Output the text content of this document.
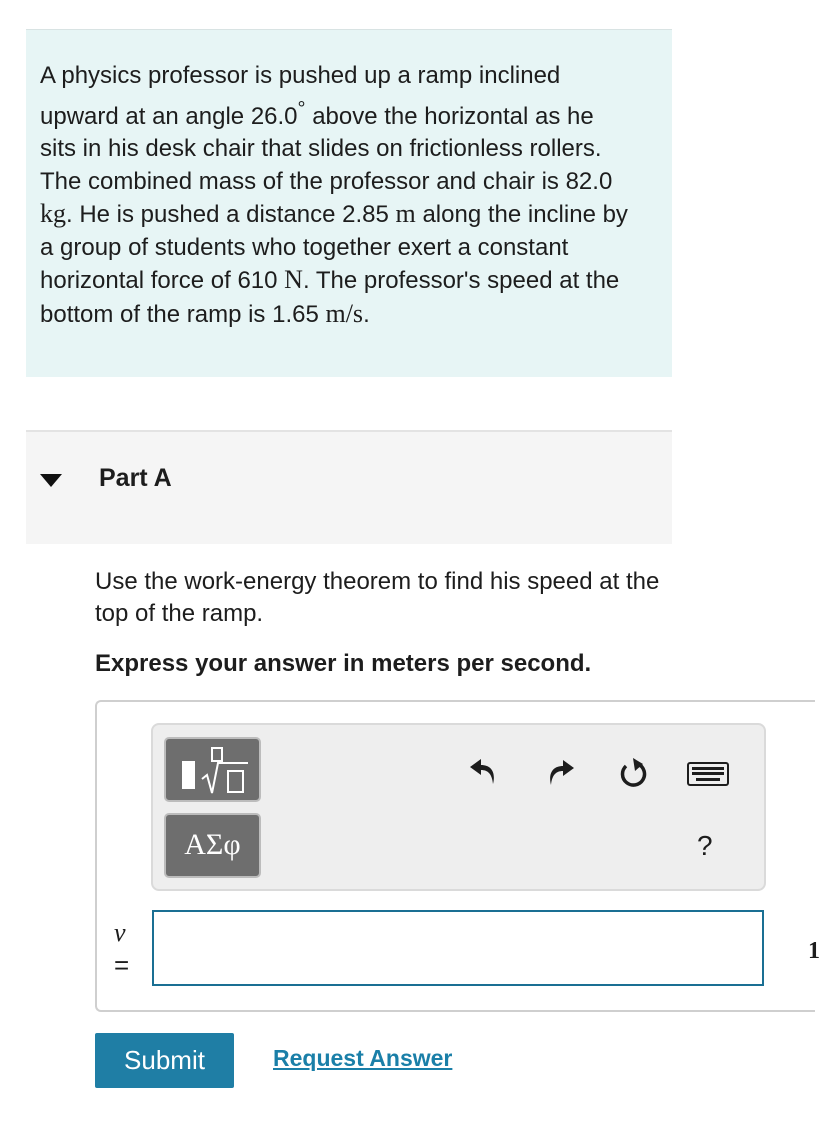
A physics professor is pushed up a ramp inclined upward at an angle 26.0° above the horizontal as he sits in his desk chair that slides on frictionless rollers. The combined mass of the professor and chair is 82.0 kg. He is pushed a distance 2.85 m along the incline by a group of students who together exert a constant horizontal force of 610 N. The professor's speed at the bottom of the ramp is 1.65 m/s.
Part A
Use the work-energy theorem to find his speed at the top of the ramp.
Express your answer in meters per second.
ΑΣφ	?
v
=	1
Submit	Request Answer
